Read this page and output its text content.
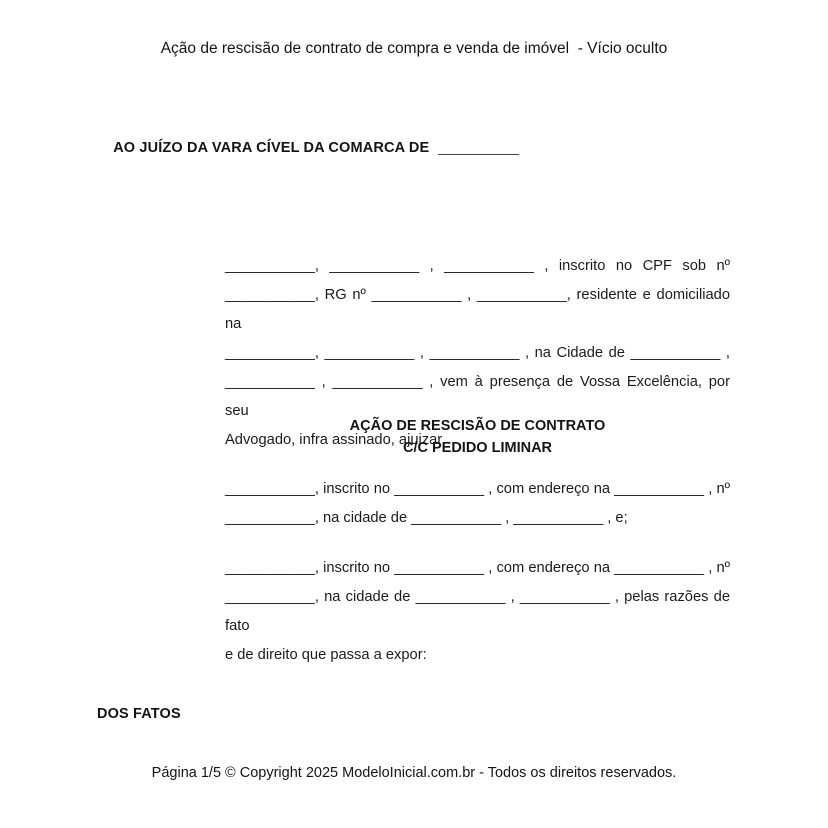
Ação de rescisão de contrato de compra e venda de imóvel  - Vício oculto

AO JUÍZO DA VARA CÍVEL DA COMARCA DE __________

___________, ___________ , ___________ , inscrito no CPF sob nº
___________, RG nº ___________ , ___________, residente e domiciliado na
___________, ___________ , ___________ , na Cidade de ___________ ,
___________ , ___________ , vem à presença de Vossa Excelência, por seu
Advogado, infra assinado, ajuizar
AÇÃO DE RESCISÃO DE CONTRATO
C/C PEDIDO LIMINAR
___________, inscrito no ___________ , com endereço na ___________ , nº
___________, na cidade de ___________ , ___________ , e;
___________, inscrito no ___________ , com endereço na ___________ , nº
___________, na cidade de ___________ , ___________ , pelas razões de fato
e de direito que passa a expor:
DOS FATOS
Página 1/5 © Copyright 2025 ModeloInicial.com.br - Todos os direitos reservados.
